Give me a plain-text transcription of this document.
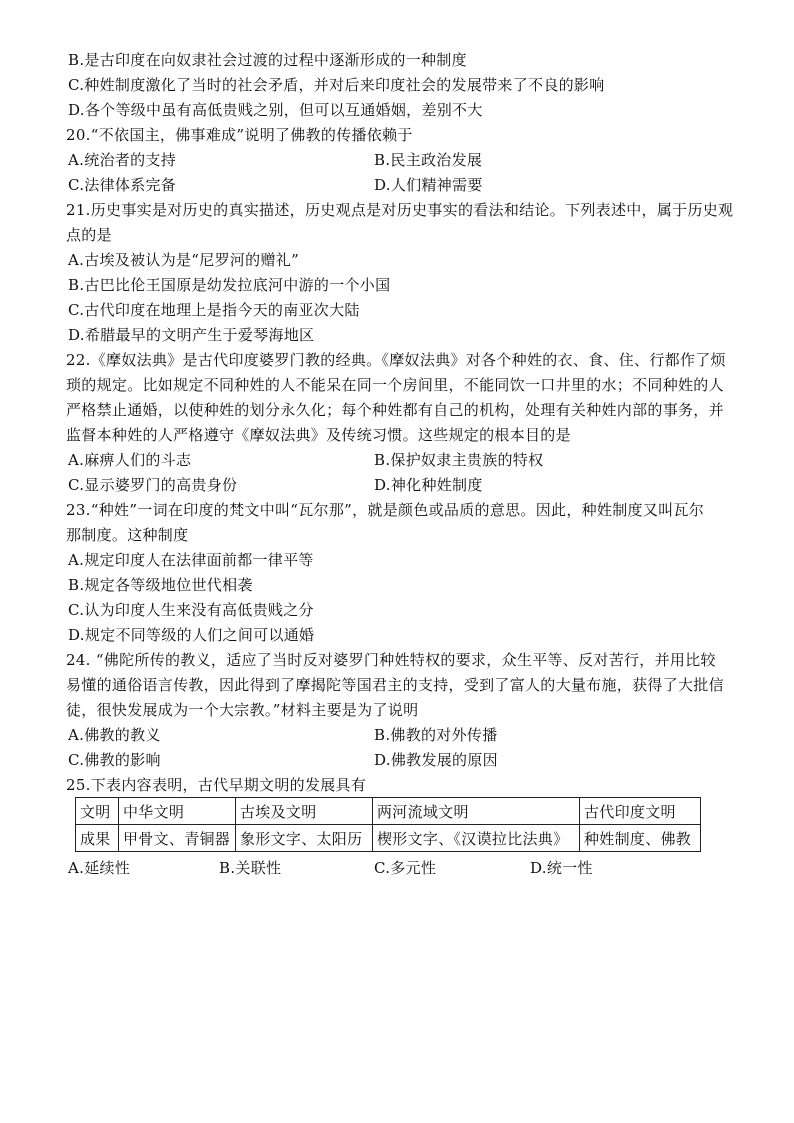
B.是古印度在向奴隶社会过渡的过程中逐渐形成的一种制度
C.种姓制度激化了当时的社会矛盾，并对后来印度社会的发展带来了不良的影响
D.各个等级中虽有高低贵贱之别，但可以互通婚姻，差别不大
20.“不依国主，佛事难成”说明了佛教的传播依赖于
A.统治者的支持	B.民主政治发展
C.法律体系完备	D.人们精神需要
21.历史事实是对历史的真实描述，历史观点是对历史事实的看法和结论。下列表述中，属于历史观
点的是
A.古埃及被认为是“尼罗河的赠礼”
B.古巴比伦王国原是幼发拉底河中游的一个小国
C.古代印度在地理上是指今天的南亚次大陆
D.希腊最早的文明产生于爱琴海地区
22.《摩奴法典》是古代印度婆罗门教的经典。《摩奴法典》对各个种姓的衣、食、住、行都作了烦
琐的规定。比如规定不同种姓的人不能呆在同一个房间里，不能同饮一口井里的水；不同种姓的人
严格禁止通婚，以使种姓的划分永久化；每个种姓都有自己的机构，处理有关种姓内部的事务，并
监督本种姓的人严格遵守《摩奴法典》及传统习惯。这些规定的根本目的是
A.麻痹人们的斗志	B.保护奴隶主贵族的特权
C.显示婆罗门的高贵身份	D.神化种姓制度
23.“种姓”一词在印度的梵文中叫“瓦尔那”，就是颜色或品质的意思。因此，种姓制度又叫瓦尔
那制度。这种制度
A.规定印度人在法律面前都一律平等
B.规定各等级地位世代相袭
C.认为印度人生来没有高低贵贱之分
D.规定不同等级的人们之间可以通婚
24. “佛陀所传的教义，适应了当时反对婆罗门种姓特权的要求，众生平等、反对苦行，并用比较
易懂的通俗语言传教，因此得到了摩揭陀等国君主的支持，受到了富人的大量布施，获得了大批信
徒，很快发展成为一个大宗教。”材料主要是为了说明
A.佛教的教义	B.佛教的对外传播
C.佛教的影响	D.佛教发展的原因
25.下表内容表明，古代早期文明的发展具有
文明	中华文明	古埃及文明	两河流域文明	古代印度文明
成果	甲骨文、青铜器	象形文字、太阳历	楔形文字、《汉谟拉比法典》	种姓制度、佛教
A.延续性	B.关联性	C.多元性	D.统一性
